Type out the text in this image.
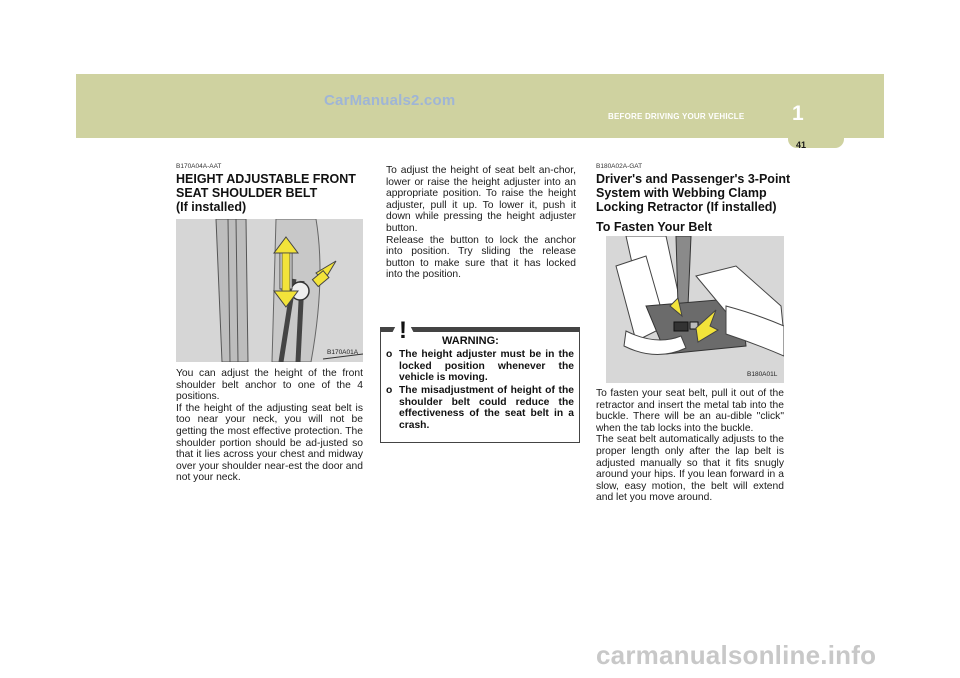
CarManuals2.com
1
BEFORE DRIVING YOUR VEHICLE
41
B170A04A-AAT
HEIGHT ADJUSTABLE FRONT
SEAT SHOULDER BELT
(If installed)
B170A01A

You can adjust the height of the front shoulder belt anchor to one of the 4 positions.
If the height of the adjusting seat belt is too near your neck, you will not be getting the most effective protection. The shoulder portion should be ad-justed so that it lies across your chest and midway over your shoulder near-est the door and not your neck.

To adjust the height of seat belt an-chor, lower or raise the height adjuster into an appropriate position. To raise the height adjuster, pull it up. To lower it, push it down while pressing the height adjuster button.
Release the button to lock the anchor into position. Try sliding the release button to make sure that it has locked into the position.

!	WARNING:
o The height adjuster must be in the locked position whenever the vehicle is moving.
o The misadjustment of height of the shoulder belt could reduce the effectiveness of the seat belt in a crash.
B180A02A-GAT
Driver's and Passenger's 3-Point
System with Webbing Clamp
Locking Retractor (If installed)
To Fasten Your Belt
B180A01L

To fasten your seat belt, pull it out of the retractor and insert the metal tab into the buckle. There will be an au-dible "click" when the tab locks into the buckle.
The seat belt automatically adjusts to the proper length only after the lap belt is adjusted manually so that it fits snugly around your hips. If you lean forward in a slow, easy motion, the belt will extend and let you move around.

carmanualsonline.info
